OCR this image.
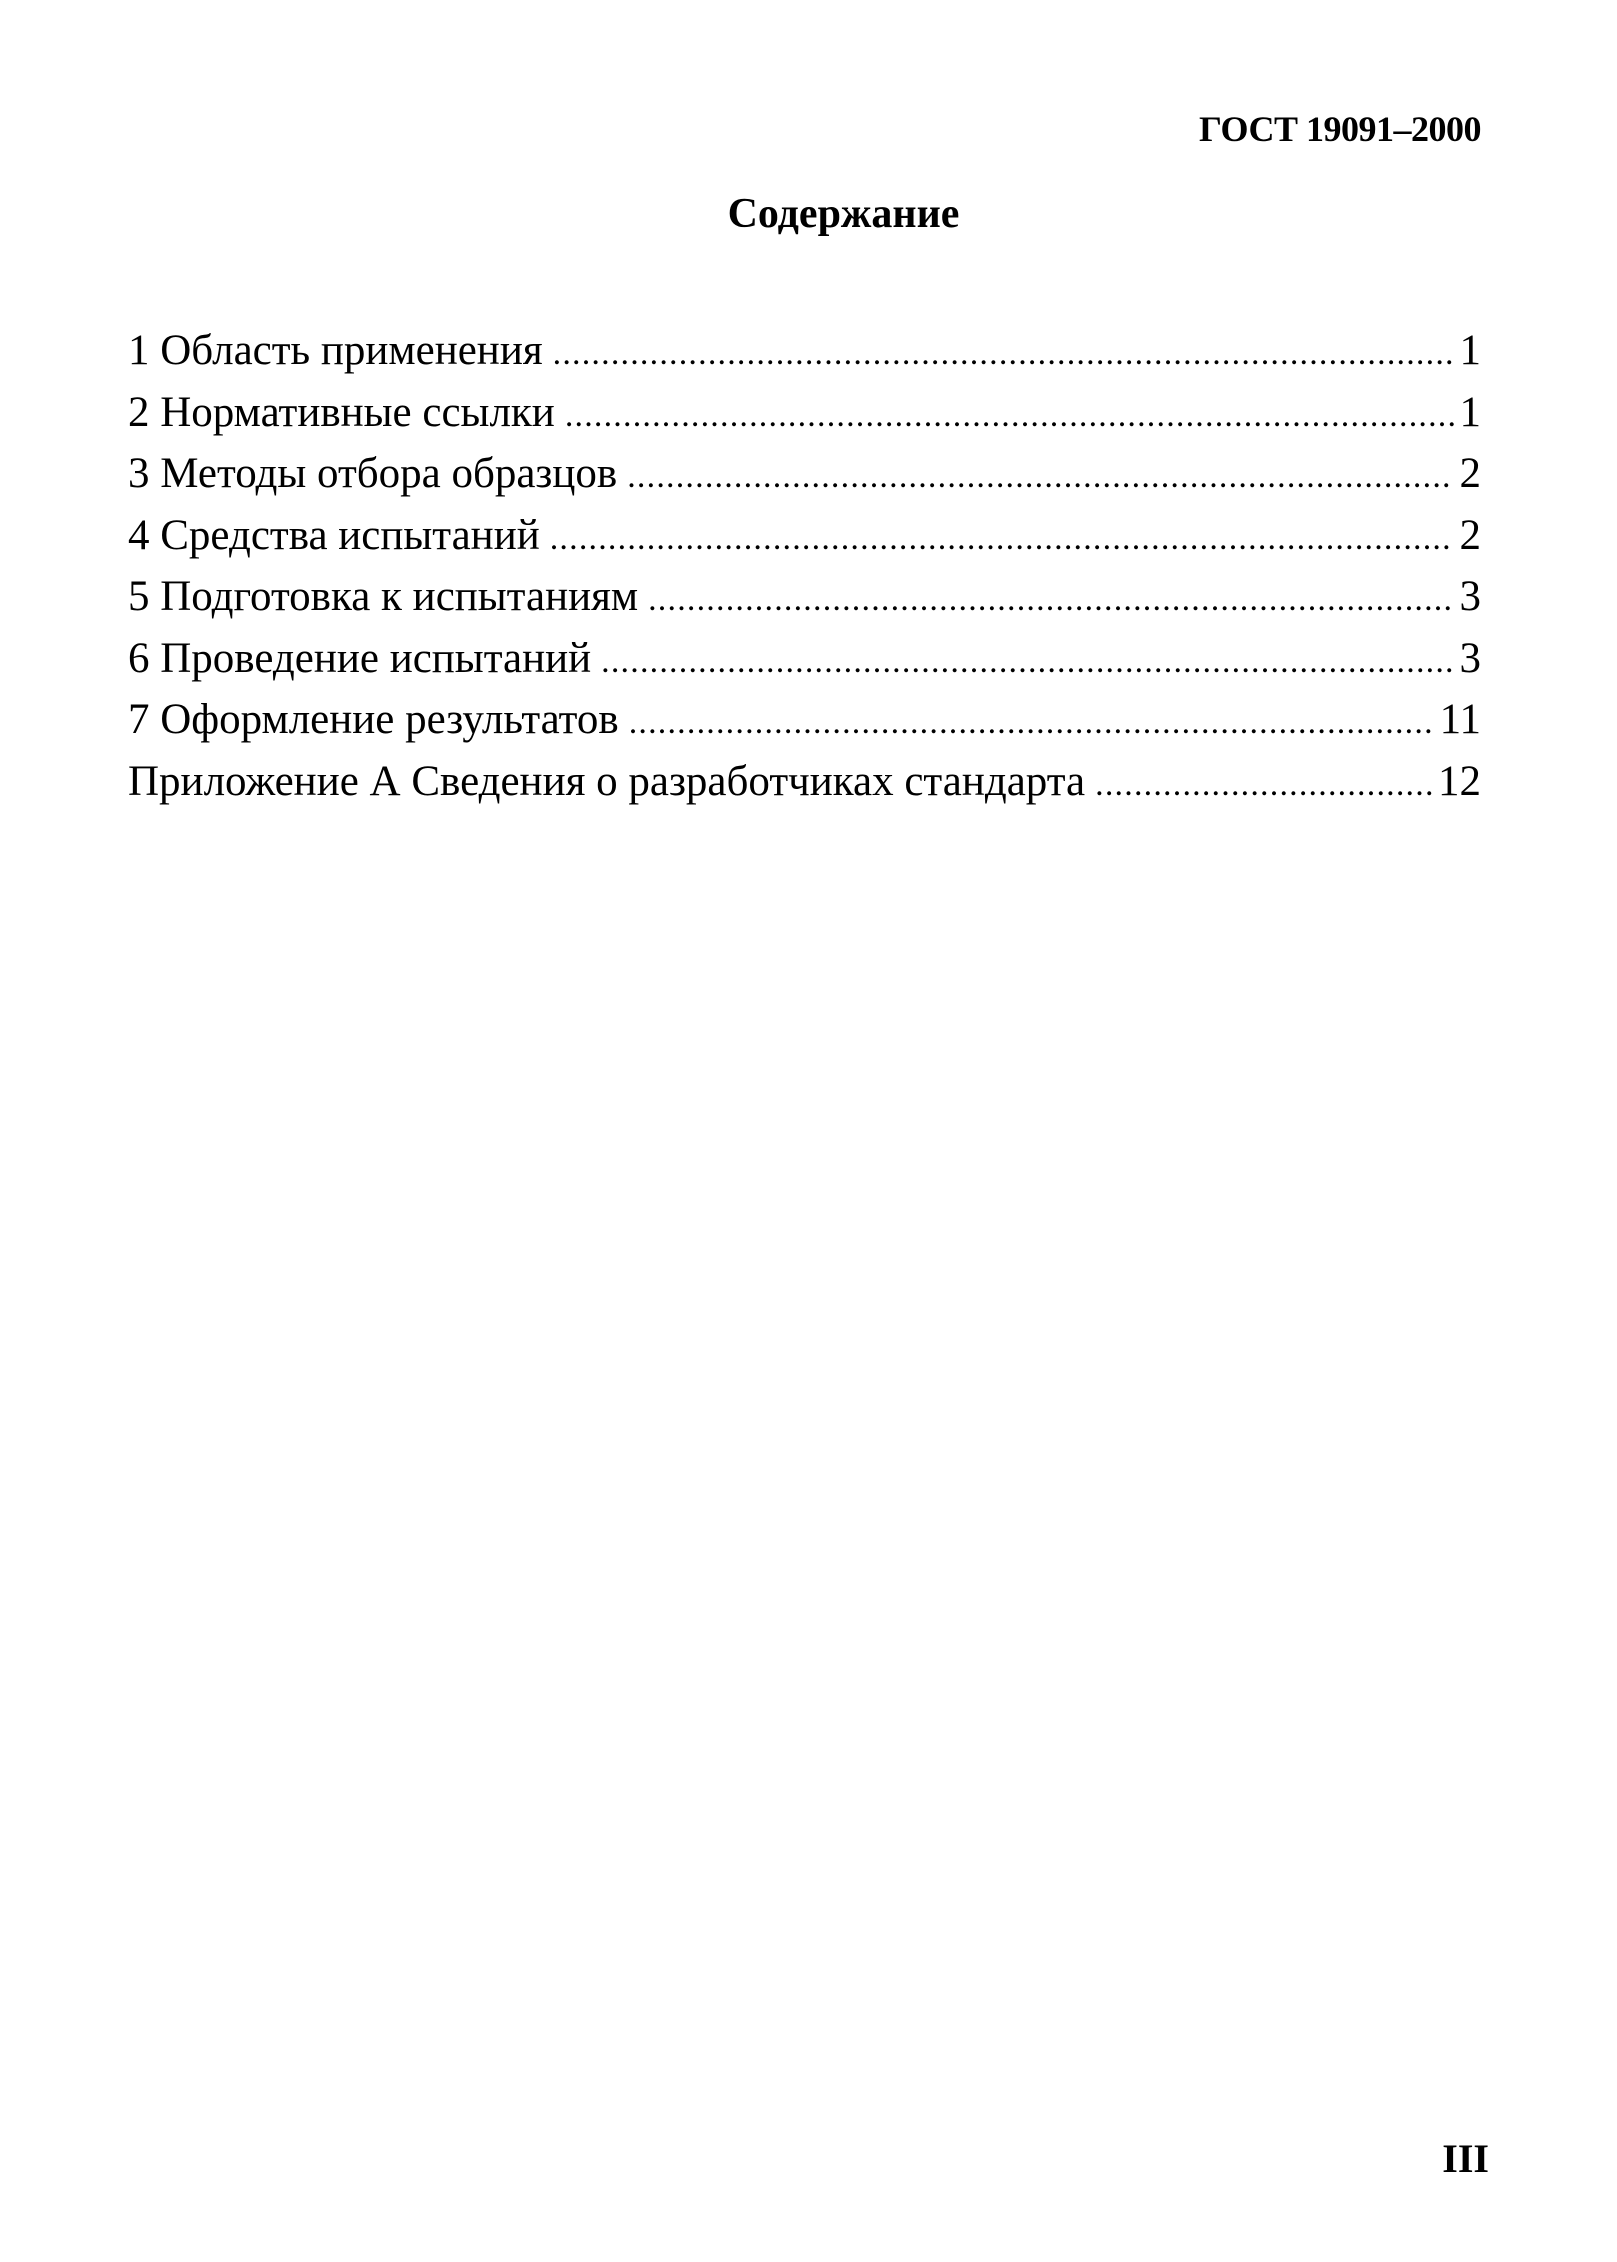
ГОСТ 19091–2000
Содержание
1 Область применения .....	1
2 Нормативные ссылки .....	1
3 Методы отбора образцов .....	2
4 Средства испытаний .....	2
5 Подготовка к испытаниям .....	3
6 Проведение испытаний .....	3
7 Оформление результатов .....	11
Приложение А Сведения о разработчиках стандарта .....	12
III
